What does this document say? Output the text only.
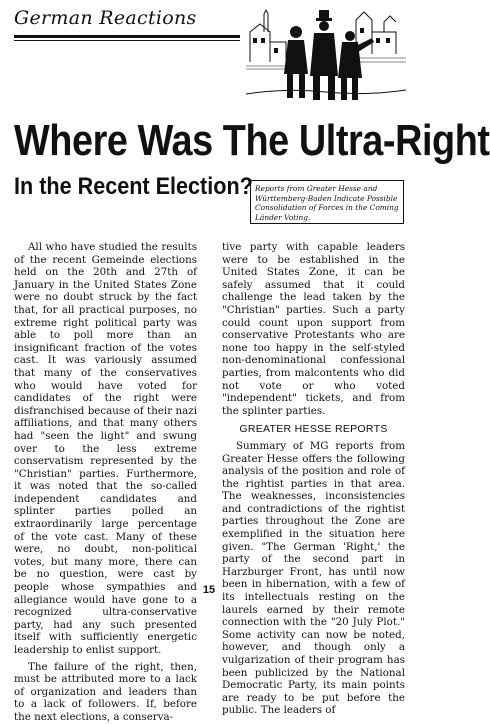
German Reactions
Where Was The Ultra-Right
In the Recent Election? Reports from Greater Hesse and Württemberg-Baden Indicate Possible Consolidation of Forces in the Coming Länder Voting.

All who have studied the results of the recent Gemeinde elections held on the 20th and 27th of January in the United States Zone were no doubt struck by the fact that, for all practical purposes, no extreme right political party was able to poll more than an insignificant fraction of the votes cast. It was variously assumed that many of the conservatives who would have voted for candidates of the right were disfranchised because of their nazi affiliations, and that many others had "seen the light" and swung over to the less extreme conservatism represented by the "Christian" parties. Furthermore, it was noted that the so-called independent candidates and splinter parties polled an extraordinarily large percentage of the vote cast. Many of these were, no doubt, non-political votes, but many more, there can be no question, were cast by people whose sympathies and allegiance would have gone to a recognized ultra-conservative party, had any such presented itself with sufficiently energetic leadership to enlist support.

The failure of the right, then, must be attributed more to a lack of organization and leaders than to a lack of followers. If, before the next elections, a conserva-

tive party with capable leaders were to be established in the United States Zone, it can be safely assumed that it could challenge the lead taken by the "Christian" parties. Such a party could count upon support from conservative Protestants who are none too happy in the self-styled non-denominational confessional parties, from malcontents who did not vote or who voted "independent" tickets, and from the splinter parties.

GREATER HESSE REPORTS

Summary of MG reports from Greater Hesse offers the following analysis of the position and role of the rightist parties in that area. The weaknesses, inconsistencies and contradictions of the rightist parties throughout the Zone are exemplified in the situation here given. "The German 'Right,' the party of the second part in Harzburger Front, has until now been in hibernation, with a few of its intellectuals resting on the laurels earned by their remote connection with the "20 July Plot." Some activity can now be noted, however, and though only a vulgarization of their program has been publicized by the National Democratic Party, its main points are ready to be put before the public. The leaders of

15
